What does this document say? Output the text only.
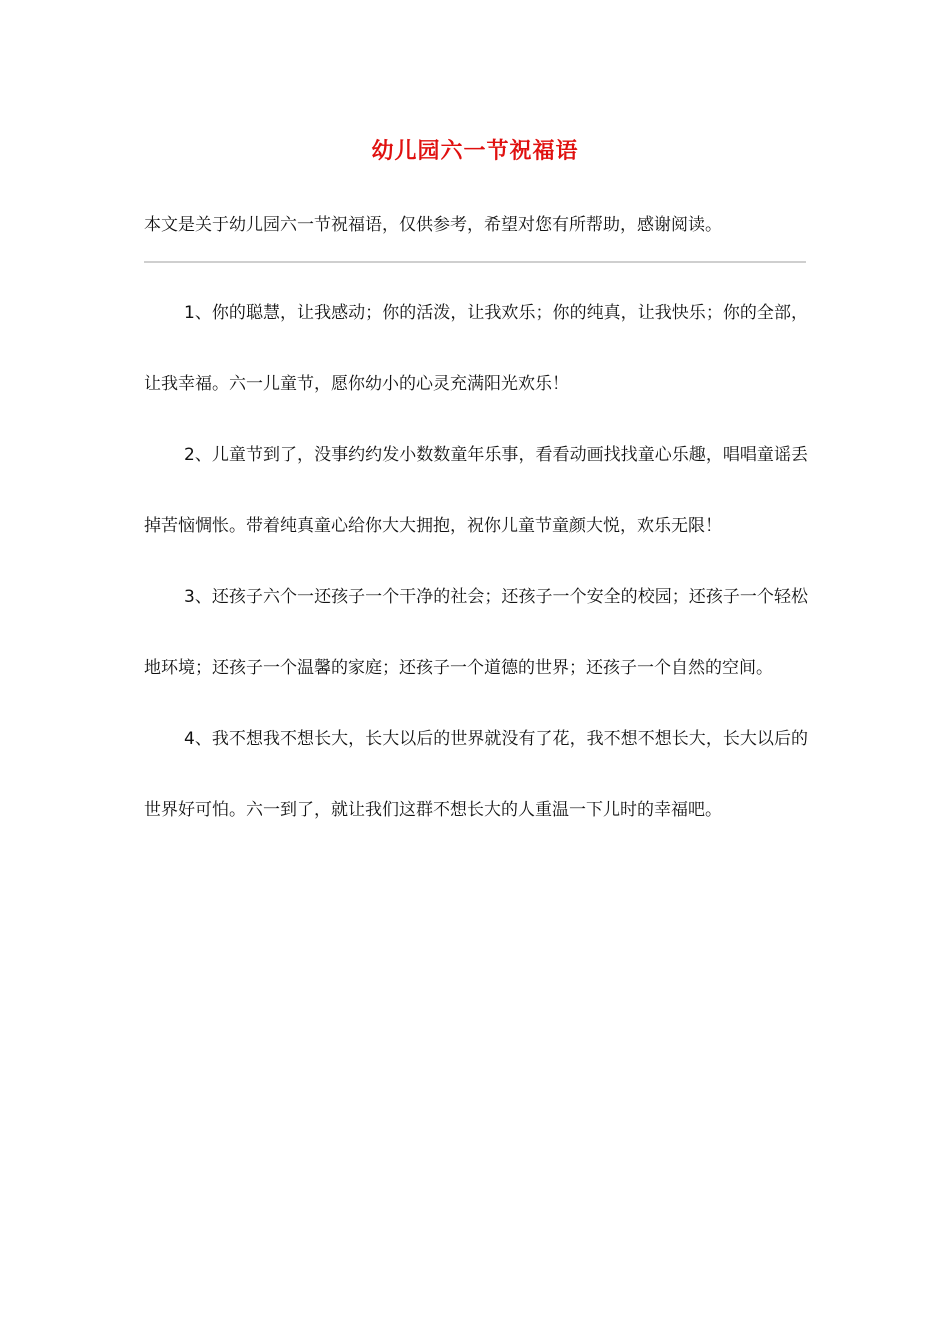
幼儿园六一节祝福语

本文是关于幼儿园六一节祝福语，仅供参考，希望对您有所帮助，感谢阅读。

1、你的聪慧，让我感动；你的活泼，让我欢乐；你的纯真，让我快乐；你的全部，让我幸福。六一儿童节，愿你幼小的心灵充满阳光欢乐！

2、儿童节到了，没事约约发小数数童年乐事，看看动画找找童心乐趣，唱唱童谣丢掉苦恼惆怅。带着纯真童心给你大大拥抱，祝你儿童节童颜大悦，欢乐无限！

3、还孩子六个一还孩子一个干净的社会；还孩子一个安全的校园；还孩子一个轻松地环境；还孩子一个温馨的家庭；还孩子一个道德的世界；还孩子一个自然的空间。

4、我不想我不想长大，长大以后的世界就没有了花，我不想不想长大，长大以后的世界好可怕。六一到了，就让我们这群不想长大的人重温一下儿时的幸福吧。
